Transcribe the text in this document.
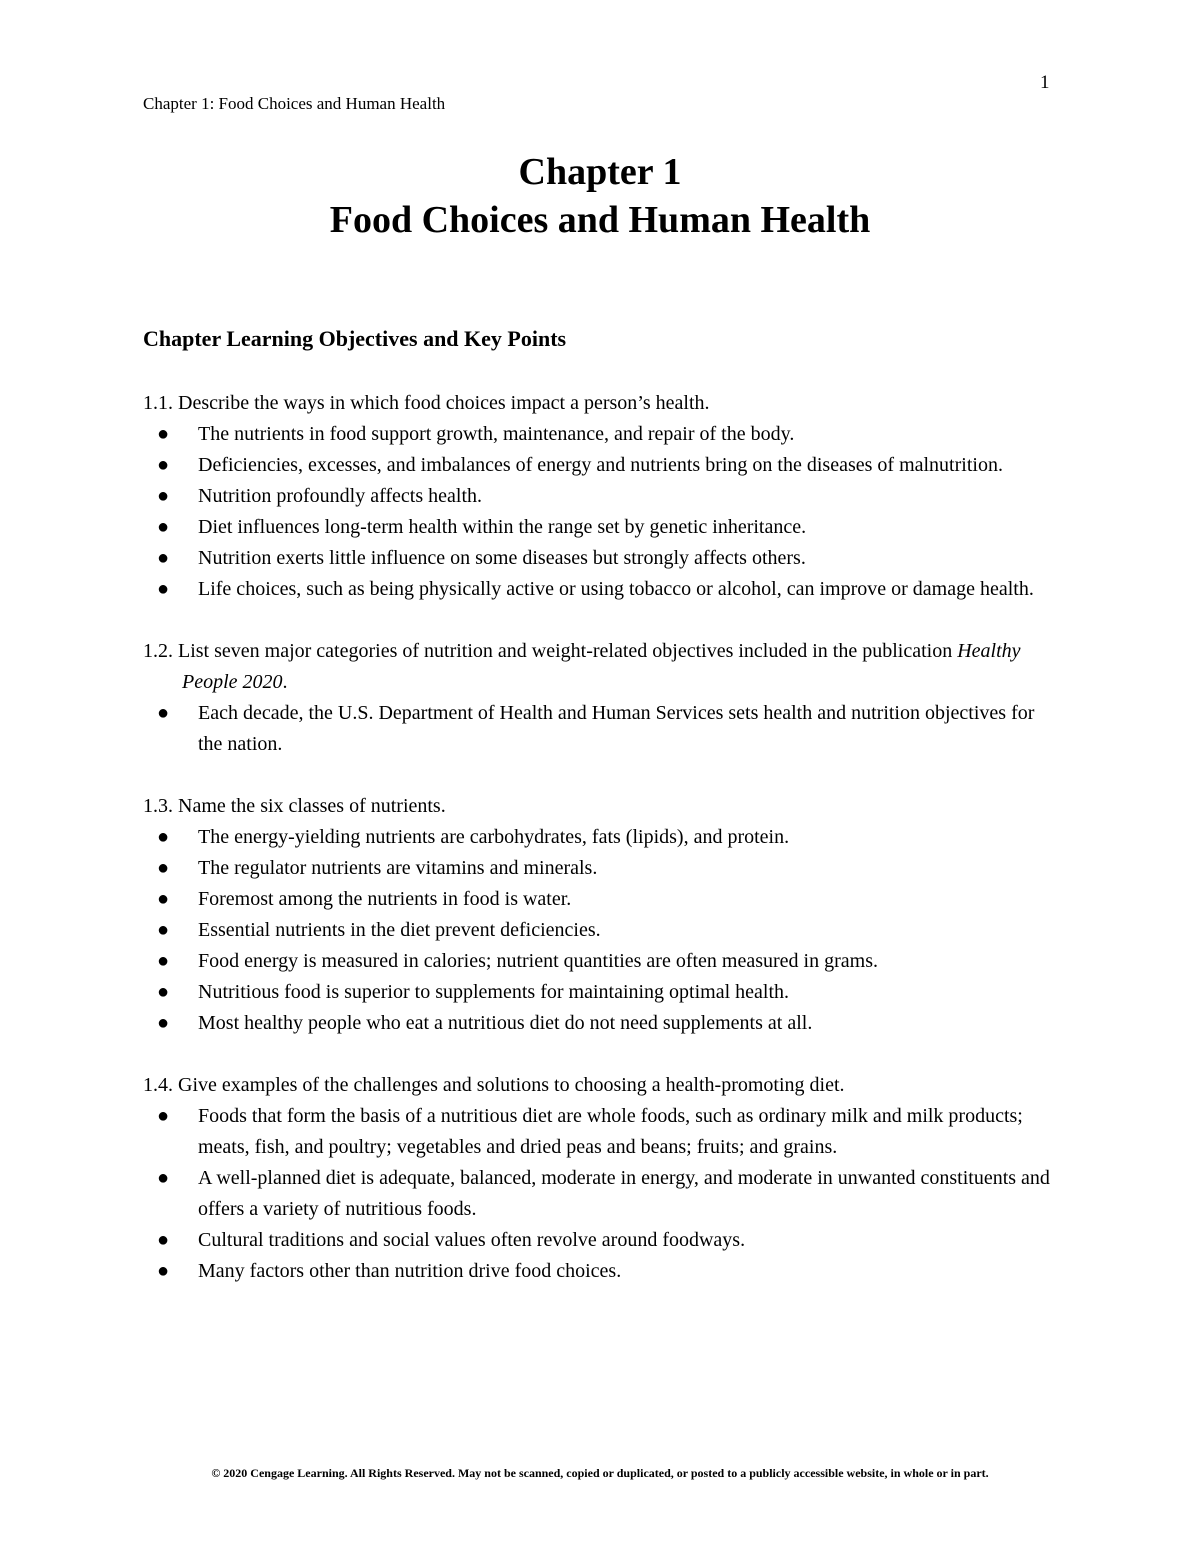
1
Chapter 1: Food Choices and Human Health
Chapter 1
Food Choices and Human Health
Chapter Learning Objectives and Key Points
1.1. Describe the ways in which food choices impact a person’s health.
● The nutrients in food support growth, maintenance, and repair of the body.
● Deficiencies, excesses, and imbalances of energy and nutrients bring on the diseases of malnutrition.
● Nutrition profoundly affects health.
● Diet influences long-term health within the range set by genetic inheritance.
● Nutrition exerts little influence on some diseases but strongly affects others.
● Life choices, such as being physically active or using tobacco or alcohol, can improve or damage health.
1.2. List seven major categories of nutrition and weight-related objectives included in the publication Healthy People 2020.
● Each decade, the U.S. Department of Health and Human Services sets health and nutrition objectives for the nation.
1.3. Name the six classes of nutrients.
● The energy-yielding nutrients are carbohydrates, fats (lipids), and protein.
● The regulator nutrients are vitamins and minerals.
● Foremost among the nutrients in food is water.
● Essential nutrients in the diet prevent deficiencies.
● Food energy is measured in calories; nutrient quantities are often measured in grams.
● Nutritious food is superior to supplements for maintaining optimal health.
● Most healthy people who eat a nutritious diet do not need supplements at all.
1.4. Give examples of the challenges and solutions to choosing a health-promoting diet.
● Foods that form the basis of a nutritious diet are whole foods, such as ordinary milk and milk products; meats, fish, and poultry; vegetables and dried peas and beans; fruits; and grains.
● A well-planned diet is adequate, balanced, moderate in energy, and moderate in unwanted constituents and offers a variety of nutritious foods.
● Cultural traditions and social values often revolve around foodways.
● Many factors other than nutrition drive food choices.
© 2020 Cengage Learning. All Rights Reserved. May not be scanned, copied or duplicated, or posted to a publicly accessible website, in whole or in part.
